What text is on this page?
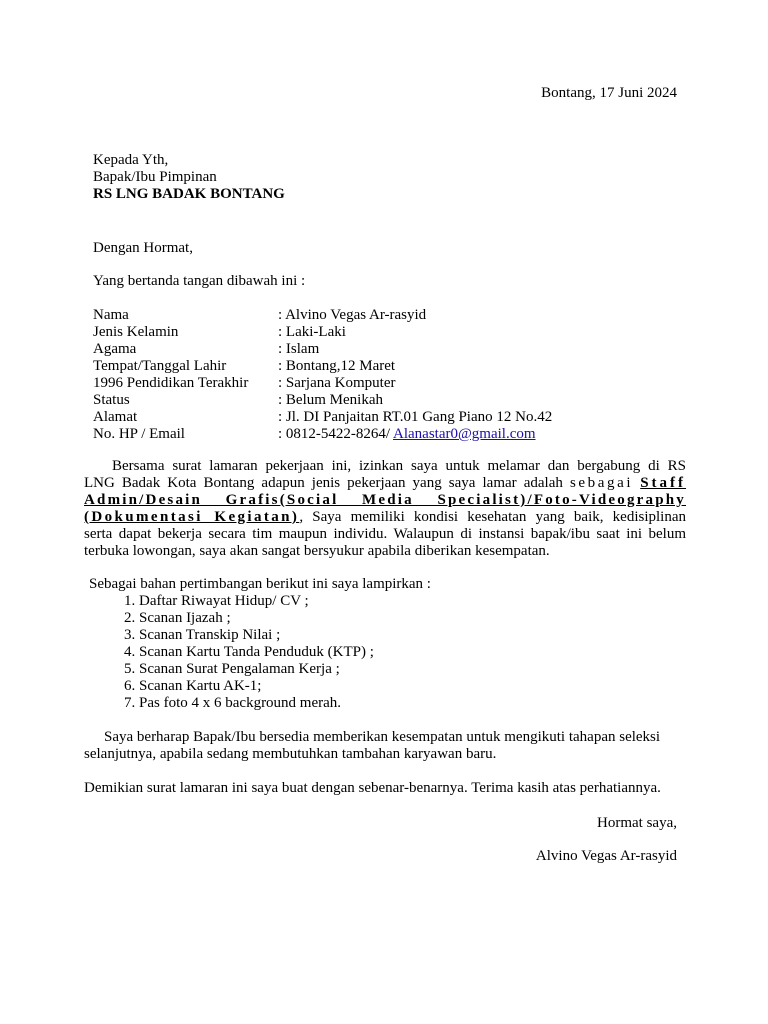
Bontang, 17 Juni 2024
Kepada Yth,
Bapak/Ibu Pimpinan
RS LNG BADAK BONTANG
Dengan Hormat,
Yang bertanda tangan dibawah ini :
Nama	: Alvino Vegas Ar-rasyid
Jenis Kelamin	: Laki-Laki
Agama	: Islam
Tempat/Tanggal Lahir	: Bontang,12 Maret
1996 Pendidikan Terakhir	: Sarjana Komputer
Status	: Belum Menikah
Alamat	: Jl. DI Panjaitan RT.01 Gang Piano 12 No.42
No. HP / Email	: 0812-5422-8264/ Alanastar0@gmail.com
Bersama surat lamaran pekerjaan ini, izinkan saya untuk melamar dan bergabung di RS
LNG Badak Kota Bontang adapun jenis pekerjaan yang saya lamar adalah sebagai Staff
Admin/Desain Grafis(Social Media Specialist)/Foto-Videography
(Dokumentasi Kegiatan), Saya memiliki kondisi kesehatan yang baik, kedisiplinan
serta dapat bekerja secara tim maupun individu. Walaupun di instansi bapak/ibu saat ini belum
terbuka lowongan, saya akan sangat bersyukur apabila diberikan kesempatan.
Sebagai bahan pertimbangan berikut ini saya lampirkan :
1. Daftar Riwayat Hidup/ CV ;
2. Scanan Ijazah ;
3. Scanan Transkip Nilai ;
4. Scanan Kartu Tanda Penduduk (KTP) ;
5. Scanan Surat Pengalaman Kerja ;
6. Scanan Kartu AK-1;
7. Pas foto 4 x 6 background merah.
Saya berharap Bapak/Ibu bersedia memberikan kesempatan untuk mengikuti tahapan seleksi
selanjutnya, apabila sedang membutuhkan tambahan karyawan baru.
Demikian surat lamaran ini saya buat dengan sebenar-benarnya. Terima kasih atas perhatiannya.
Hormat saya,
Alvino Vegas Ar-rasyid
